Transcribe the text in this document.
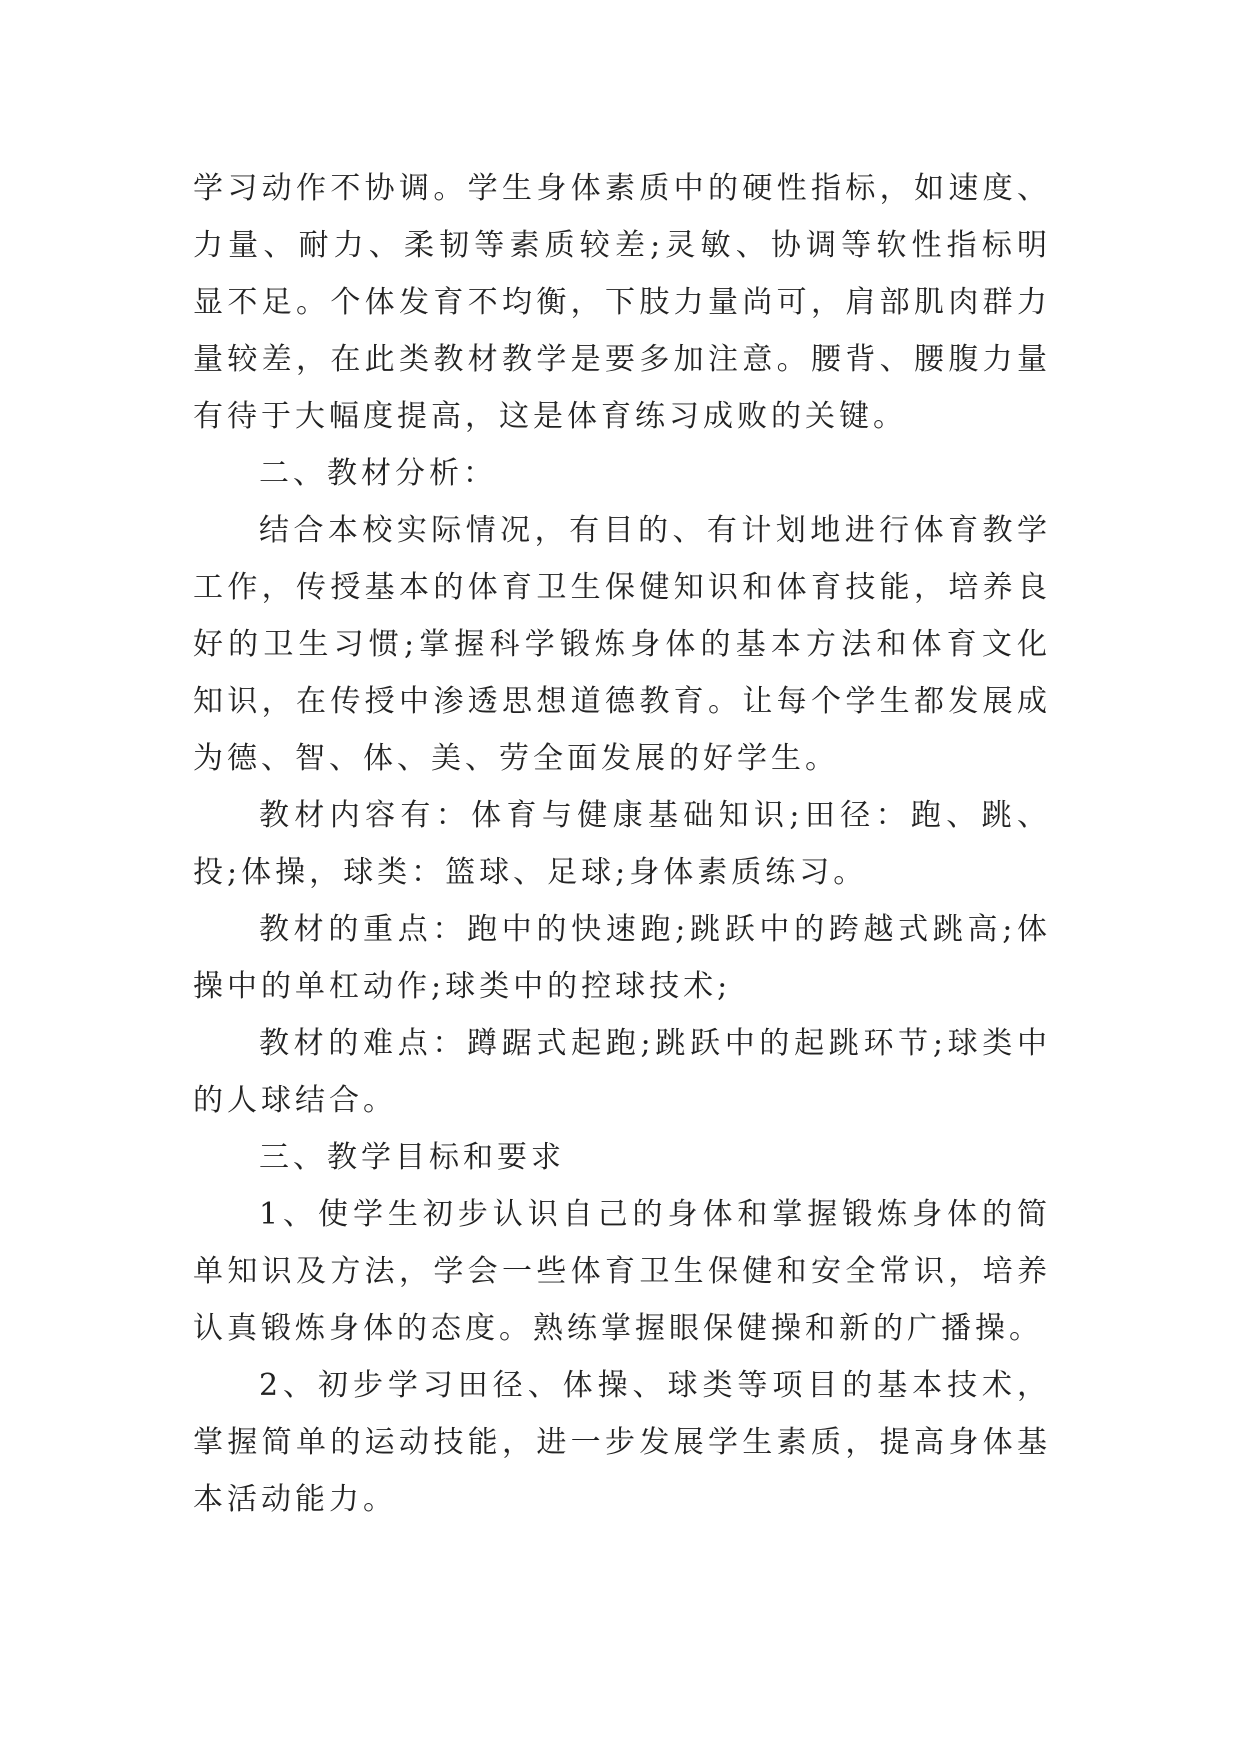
学习动作不协调。学生身体素质中的硬性指标，如速度、力量、耐力、柔韧等素质较差;灵敏、协调等软性指标明显不足。个体发育不均衡，下肢力量尚可，肩部肌肉群力量较差，在此类教材教学是要多加注意。腰背、腰腹力量有待于大幅度提高，这是体育练习成败的关键。

二、教材分析：

结合本校实际情况，有目的、有计划地进行体育教学工作，传授基本的体育卫生保健知识和体育技能，培养良好的卫生习惯;掌握科学锻炼身体的基本方法和体育文化知识，在传授中渗透思想道德教育。让每个学生都发展成为德、智、体、美、劳全面发展的好学生。

教材内容有：体育与健康基础知识;田径：跑、跳、投;体操，球类：篮球、足球;身体素质练习。

教材的重点：跑中的快速跑;跳跃中的跨越式跳高;体操中的单杠动作;球类中的控球技术;

教材的难点：蹲踞式起跑;跳跃中的起跳环节;球类中的人球结合。

三、教学目标和要求

1、使学生初步认识自己的身体和掌握锻炼身体的简单知识及方法，学会一些体育卫生保健和安全常识，培养认真锻炼身体的态度。熟练掌握眼保健操和新的广播操。

2、初步学习田径、体操、球类等项目的基本技术，掌握简单的运动技能，进一步发展学生素质，提高身体基本活动能力。
